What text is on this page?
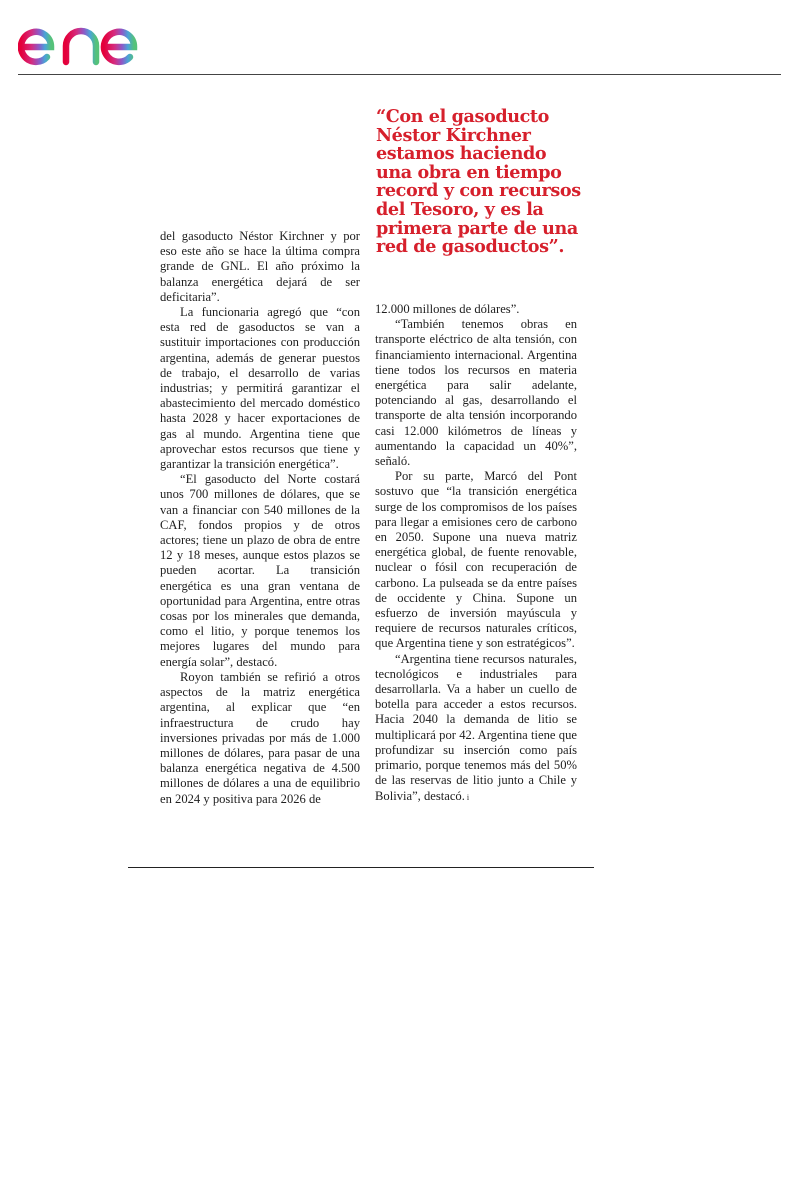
“Con el gasoducto Néstor Kirchner estamos haciendo una obra en tiempo record y con recursos del Tesoro, y es la primera parte de una red de gasoductos”.

del gasoducto Néstor Kirchner y por eso este año se hace la última compra grande de GNL. El año próximo la balanza energética dejará de ser deficitaria”.

La funcionaria agregó que “con esta red de gasoductos se van a sustituir importaciones con producción argentina, además de generar puestos de trabajo, el desarrollo de varias industrias; y permitirá garantizar el abastecimiento del mercado doméstico hasta 2028 y hacer exportaciones de gas al mundo. Argentina tiene que aprovechar estos recursos que tiene y garantizar la transición energética”.

“El gasoducto del Norte costará unos 700 millones de dólares, que se van a financiar con 540 millones de la CAF, fondos propios y de otros actores; tiene un plazo de obra de entre 12 y 18 meses, aunque estos plazos se pueden acortar. La transición energética es una gran ventana de oportunidad para Argentina, entre otras cosas por los minerales que demanda, como el litio, y porque tenemos los mejores lugares del mundo para energía solar”, destacó.

Royon también se refirió a otros aspectos de la matriz energética argentina, al explicar que “en infraestructura de crudo hay inversiones privadas por más de 1.000 millones de dólares, para pasar de una balanza energética negativa de 4.500 millones de dólares a una de equilibrio en 2024 y positiva para 2026 de

12.000 millones de dólares”.

“También tenemos obras en transporte eléctrico de alta tensión, con financiamiento internacional. Argentina tiene todos los recursos en materia energética para salir adelante, potenciando al gas, desarrollando el transporte de alta tensión incorporando casi 12.000 kilómetros de líneas y aumentando la capacidad un 40%”, señaló.

Por su parte, Marcó del Pont sostuvo que “la transición energética surge de los compromisos de los países para llegar a emisiones cero de carbono en 2050. Supone una nueva matriz energética global, de fuente renovable, nuclear o fósil con recuperación de carbono. La pulseada se da entre países de occidente y China. Supone un esfuerzo de inversión mayúscula y requiere de recursos naturales críticos, que Argentina tiene y son estratégicos”.

“Argentina tiene recursos naturales, tecnológicos e industriales para desarrollarla. Va a haber un cuello de botella para acceder a estos recursos. Hacia 2040 la demanda de litio se multiplicará por 42. Argentina tiene que profundizar su inserción como país primario, porque tenemos más del 50% de las reservas de litio junto a Chile y Bolivia”, destacó. i
